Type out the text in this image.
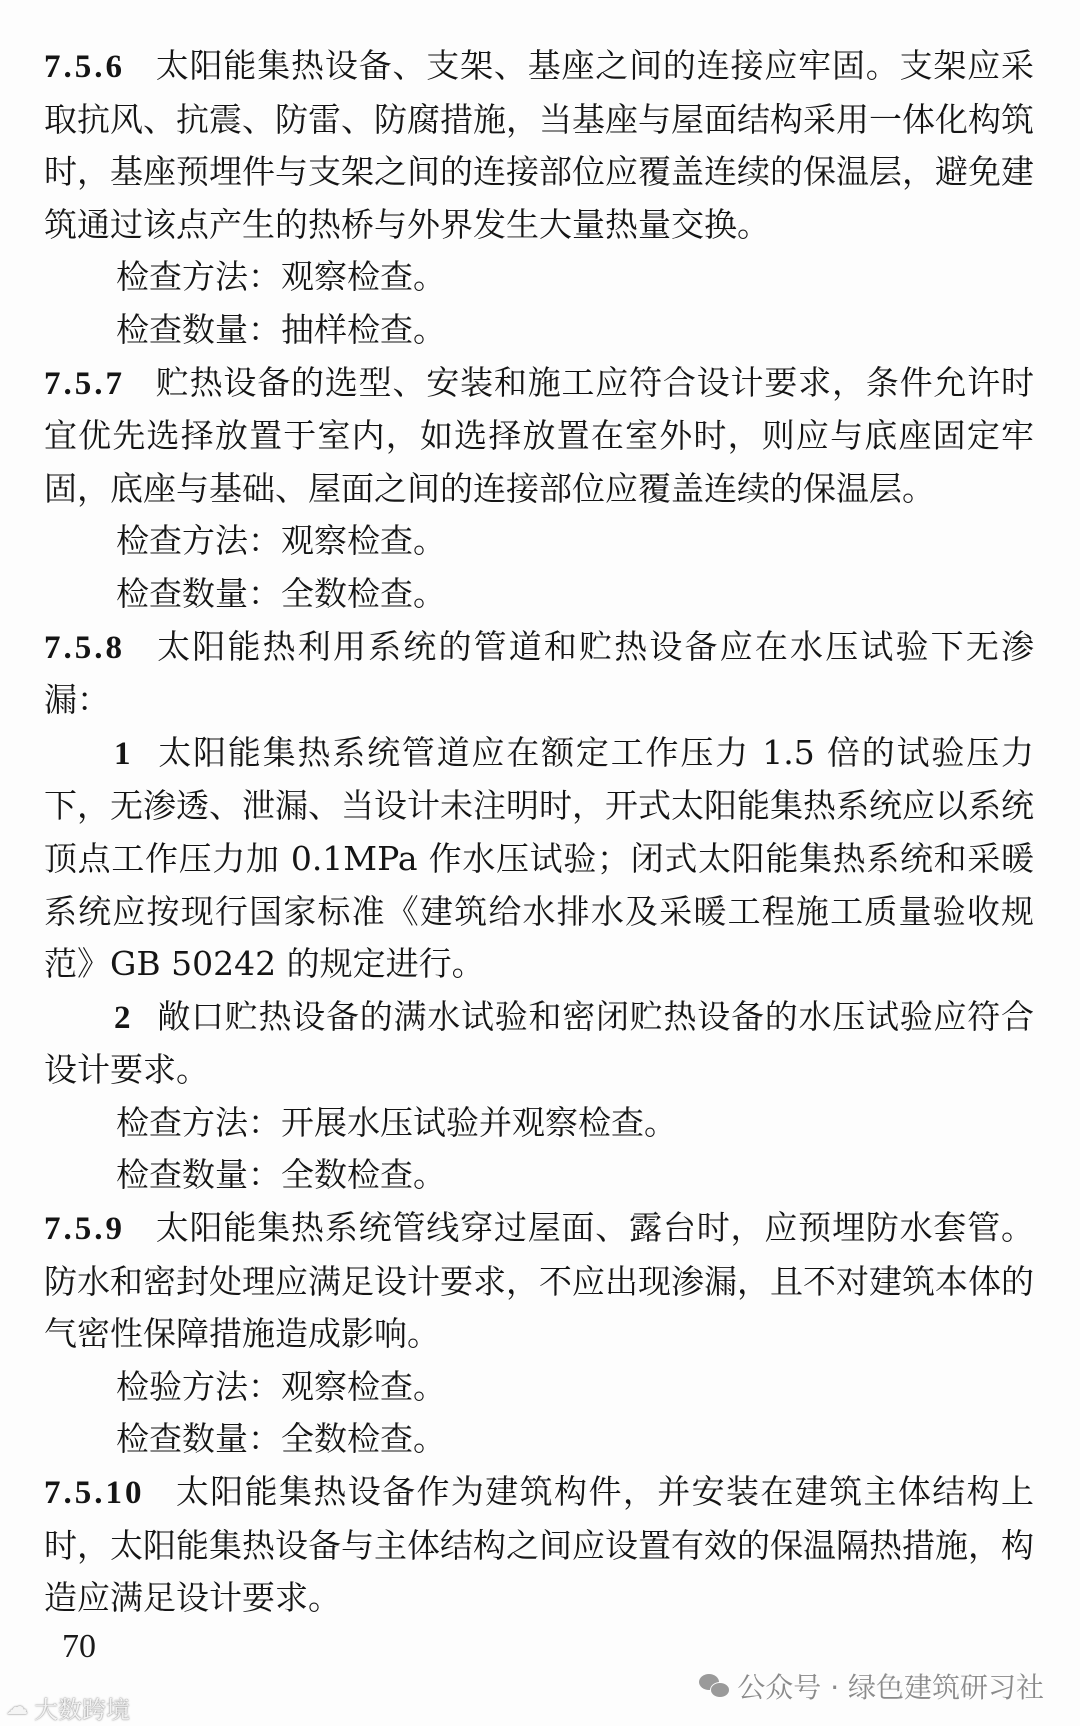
7.5.6 太阳能集热设备、支架、基座之间的连接应牢固。支架应采取抗风、抗震、防雷、防腐措施，当基座与屋面结构采用一体化构筑时，基座预埋件与支架之间的连接部位应覆盖连续的保温层，避免建筑通过该点产生的热桥与外界发生大量热量交换。

检查方法：观察检查。

检查数量：抽样检查。

7.5.7 贮热设备的选型、安装和施工应符合设计要求，条件允许时宜优先选择放置于室内，如选择放置在室外时，则应与底座固定牢固，底座与基础、屋面之间的连接部位应覆盖连续的保温层。

检查方法：观察检查。

检查数量：全数检查。

7.5.8 太阳能热利用系统的管道和贮热设备应在水压试验下无渗漏：

1 太阳能集热系统管道应在额定工作压力 1.5 倍的试验压力下，无渗透、泄漏、当设计未注明时，开式太阳能集热系统应以系统顶点工作压力加 0.1MPa 作水压试验；闭式太阳能集热系统和采暖系统应按现行国家标准《建筑给水排水及采暖工程施工质量验收规范》GB 50242 的规定进行。

2 敞口贮热设备的满水试验和密闭贮热设备的水压试验应符合设计要求。

检查方法：开展水压试验并观察检查。

检查数量：全数检查。

7.5.9 太阳能集热系统管线穿过屋面、露台时，应预埋防水套管。防水和密封处理应满足设计要求，不应出现渗漏，且不对建筑本体的气密性保障措施造成影响。

检验方法：观察检查。

检查数量：全数检查。

7.5.10 太阳能集热设备作为建筑构件，并安装在建筑主体结构上时，太阳能集热设备与主体结构之间应设置有效的保温隔热措施，构造应满足设计要求。

70
☁ 大数跨境
公众号 · 绿色建筑研习社
